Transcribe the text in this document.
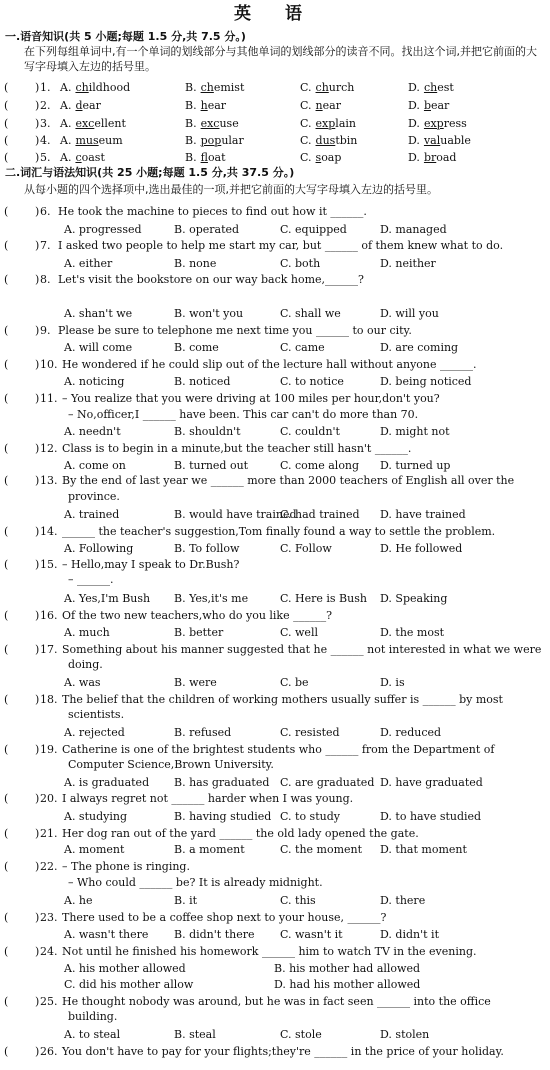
英 语
一.语音知识(共 5 小题;每题 1.5 分,共 7.5 分。)
在下列每组单词中,有一个单词的划线部分与其他单词的划线部分的读音不同。找出这个词,并把它前面的大写字母填入左边的括号里。
( ) 1. A. childhood	B. chemist	C. church	D. chest
( ) 2. A. dear	B. hear	C. near	D. bear
( ) 3. A. excellent	B. excuse	C. explain	D. express
( ) 4. A. museum	B. popular	C. dustbin	D. valuable
( ) 5. A. coast	B. float	C. soap	D. broad
二.词汇与语法知识(共 25 小题;每题 1.5 分,共 37.5 分。)
从每小题的四个选择项中,选出最佳的一项,并把它前面的大写字母填入左边的括号里。
( ) 6. He took the machine to pieces to find out how it ______.
A. progressed	B. operated	C. equipped	D. managed
( ) 7. I asked two people to help me start my car, but ______ of them knew what to do.
A. either	B. none	C. both	D. neither
( ) 8. Let's visit the bookstore on our way back home,______?
A. shan't we	B. won't you	C. shall we	D. will you
( ) 9. Please be sure to telephone me next time you ______ to our city.
A. will come	B. come	C. came	D. are coming
( ) 10. He wondered if he could slip out of the lecture hall without anyone ______.
A. noticing	B. noticed	C. to notice	D. being noticed
( ) 11. – You realize that you were driving at 100 miles per hour,don't you?
– No,officer,I ______ have been. This car can't do more than 70.
A. needn't	B. shouldn't	C. couldn't	D. might not
( ) 12. Class is to begin in a minute,but the teacher still hasn't ______.
A. come on	B. turned out	C. come along D. turned up
( ) 13. By the end of last year we ______ more than 2000 teachers of English all over the
province.
A. trained	B. would have trained
C. had trained D. have trained
( ) 14. ______ the teacher's suggestion,Tom finally found a way to settle the problem.
A. Following	B. To follow	C. Follow	D. He followed
( ) 15. – Hello,may I speak to Dr.Bush?
– ______.
A. Yes,I'm Bush B. Yes,it's me	C. Here is Bush D. Speaking
( ) 16. Of the two new teachers,who do you like ______?
A. much	B. better	C. well	D. the most
( ) 17. Something about his manner suggested that he ______ not interested in what we were
doing.
A. was	B. were	C. be	D. is
( ) 18. The belief that the children of working mothers usually suffer is ______ by most
scientists.
A. rejected	B. refused	C. resisted	D. reduced
( ) 19. Catherine is one of the brightest students who ______ from the Department of
Computer Science,Brown University.
A. is graduated B. has graduated C. are graduated D. have graduated
( ) 20. I always regret not ______ harder when I was young.
A. studying	B. having studied C. to study	D. to have studied
( ) 21. Her dog ran out of the yard ______ the old lady opened the gate.
A. moment	B. a moment	C. the moment D. that moment
( ) 22. – The phone is ringing.
– Who could ______ be? It is already midnight.
A. he	B. it	C. this	D. there
( ) 23. There used to be a coffee shop next to your house, ______?
A. wasn't there B. didn't there C. wasn't it	D. didn't it
( ) 24. Not until he finished his homework ______ him to watch TV in the evening.
A. his mother allowed	B. his mother had allowed
C. did his mother allow	D. had his mother allowed
( ) 25. He thought nobody was around, but he was in fact seen ______ into the office
building.
A. to steal	B. steal	C. stole	D. stolen
( ) 26. You don't have to pay for your flights;they're ______ in the price of your holiday.
